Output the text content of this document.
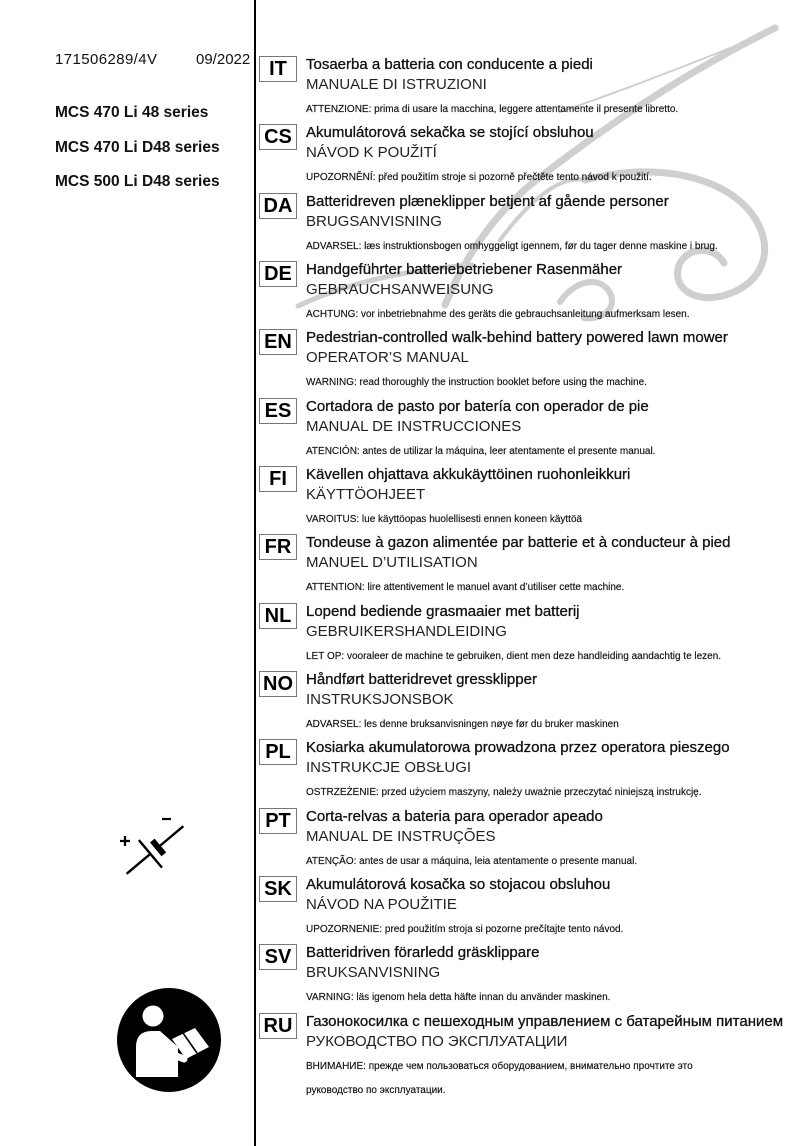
171506289/4V	09/2022
MCS 470 Li 48 series
MCS 470 Li D48 series
MCS 500 Li D48 series
IT	Tosaerba a batteria con conducente a piedi
MANUALE DI ISTRUZIONI
ATTENZIONE: prima di usare la macchina, leggere attentamente il presente libretto.
CS Akumulátorová sekačka se stojící obsluhou
NÁVOD K POUŽITÍ
UPOZORNĚNÍ: před použitím stroje si pozorně přečtěte tento návod k použití.
DA Batteridreven plæneklipper betjent af gående personer
BRUGSANVISNING
ADVARSEL: læs instruktionsbogen omhyggeligt igennem, før du tager denne maskine i brug.
DE Handgeführter batteriebetriebener Rasenmäher
GEBRAUCHSANWEISUNG
ACHTUNG: vor inbetriebnahme des geräts die gebrauchsanleitung aufmerksam lesen.
EN Pedestrian-controlled walk-behind battery powered lawn mower
OPERATOR’S MANUAL
WARNING: read thoroughly the instruction booklet before using the machine.
ES Cortadora de pasto por batería con operador de pie
MANUAL DE INSTRUCCIONES
ATENCIÓN: antes de utilizar la máquina, leer atentamente el presente manual.
FI	Kävellen ohjattava akkukäyttöinen ruohonleikkuri
KÄYTTÖOHJEET
VAROITUS: lue käyttöopas huolellisesti ennen koneen käyttöä
FR Tondeuse à gazon alimentée par batterie et à conducteur à pied
MANUEL D’UTILISATION
ATTENTION: lire attentivement le manuel avant d’utiliser cette machine.
NL Lopend bediende grasmaaier met batterij
GEBRUIKERSHANDLEIDING
LET OP: vooraleer de machine te gebruiken, dient men deze handleiding aandachtig te lezen.
NO Håndført batteridrevet gressklipper
INSTRUKSJONSBOK
ADVARSEL: les denne bruksanvisningen nøye før du bruker maskinen
PL	Kosiarka akumulatorowa prowadzona przez operatora pieszego
INSTRUKCJE OBSŁUGI
OSTRZEŻENIE: przed użyciem maszyny, należy uważnie przeczytać niniejszą instrukcję.
PT	Corta-relvas a bateria para operador apeado
MANUAL DE INSTRUÇÕES
ATENÇÃO: antes de usar a máquina, leia atentamente o presente manual.
SK Akumulátorová kosačka so stojacou obsluhou
NÁVOD NA POUŽITIE
UPOZORNENIE: pred použitím stroja si pozorne prečítajte tento návod.
SV Batteridriven förarledd gräsklippare
BRUKSANVISNING
VARNING: läs igenom hela detta häfte innan du använder maskinen.
RU Газонокосилка с пешеходным управлением с батарейным питанием
РУКОВОДСТВО ПО ЭКСПЛУАТАЦИИ
ВНИМАНИЕ: прежде чем пользоваться оборудованием, внимательно прочтите это
руководство по эксплуатации.
